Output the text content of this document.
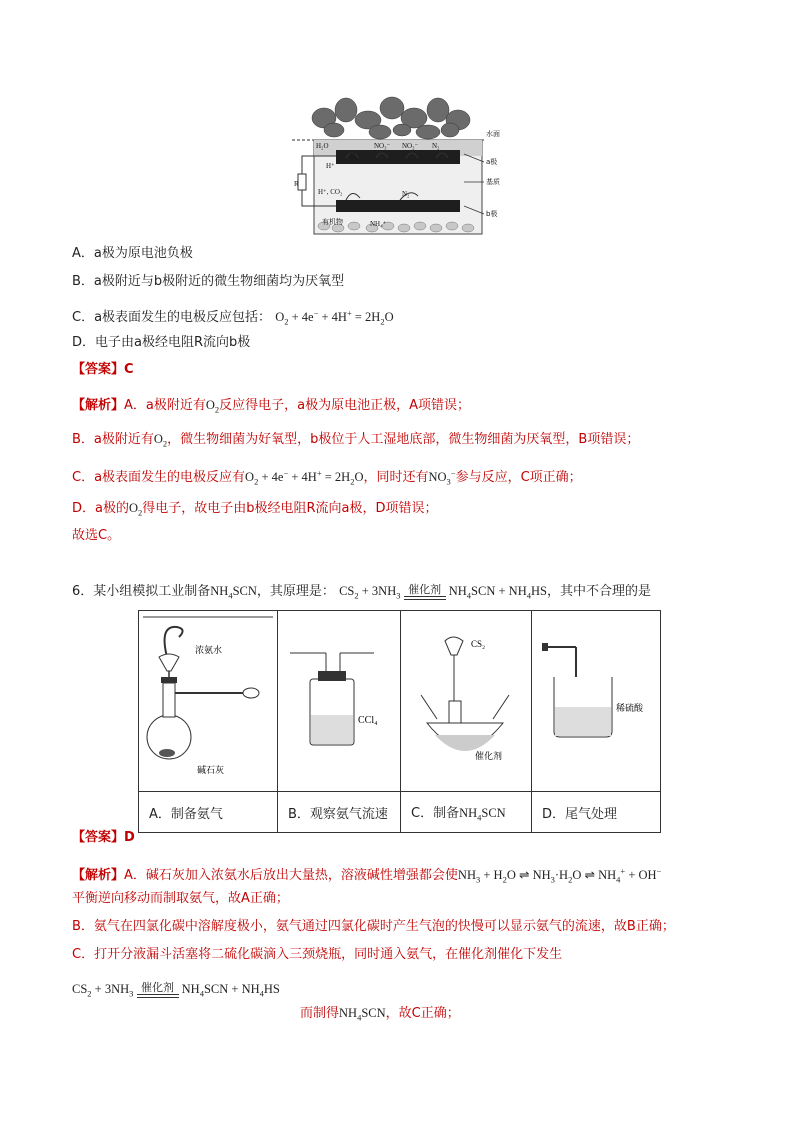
H₂O
O₂
H⁺
NO₃⁻ NO₂⁻ N₂
H⁺, CO₂	N₂
有机物	NH₄⁺
R
水面
a极
基质
b极
A．a极为原电池负极
B．a极附近与b极附近的微生物细菌均为厌氧型
C．a极表面发生的电极反应包括： $O_2 + 4e^- + 4H^+ = 2H_2O$
D．电子由a极经电阻R流向b极
【答案】C
【解析】A．a极附近有$O_2$反应得电子，a极为原电池正极，A项错误；
B．a极附近有$O_2$，微生物细菌为好氧型，b极位于人工湿地底部，微生物细菌为厌氧型，B项错误；
C．a极表面发生的电极反应有$O_2 + 4e^- + 4H^+ = 2H_2O$，同时还有$NO_3^-$参与反应，C项正确；
D．a极的$O_2$得电子，故电子由b极经电阻R流向a极，D项错误；
故选C。
6．某小组模拟工业制备$NH_4SCN$，其原理是： $CS_2 + 3NH_3$ 催化剂 $NH_4SCN + NH_4HS$，其中不合理的是
浓氨水
碱石灰	CCl₄	CS₂
催化剂	稀硫酸

A．制备氨气	B．观察氨气流速	C．制备$NH_4SCN$	D．尾气处理
【答案】D
【解析】A．碱石灰加入浓氨水后放出大量热，溶液碱性增强都会使$NH_3 + H_2O$ ⇌ $NH_3\cdot H_2O$ ⇌ $NH_4^+ + OH^-$
平衡逆向移动而制取氨气，故A正确；
B．氨气在四氯化碳中溶解度极小，氨气通过四氯化碳时产生气泡的快慢可以显示氨气的流速，故B正确；
C．打开分液漏斗活塞将二硫化碳滴入三颈烧瓶，同时通入氨气，在催化剂催化下发生
$CS_2 + 3NH_3$ 催化剂 $NH_4SCN + NH_4HS$
而制得$NH_4SCN$，故C正确；
